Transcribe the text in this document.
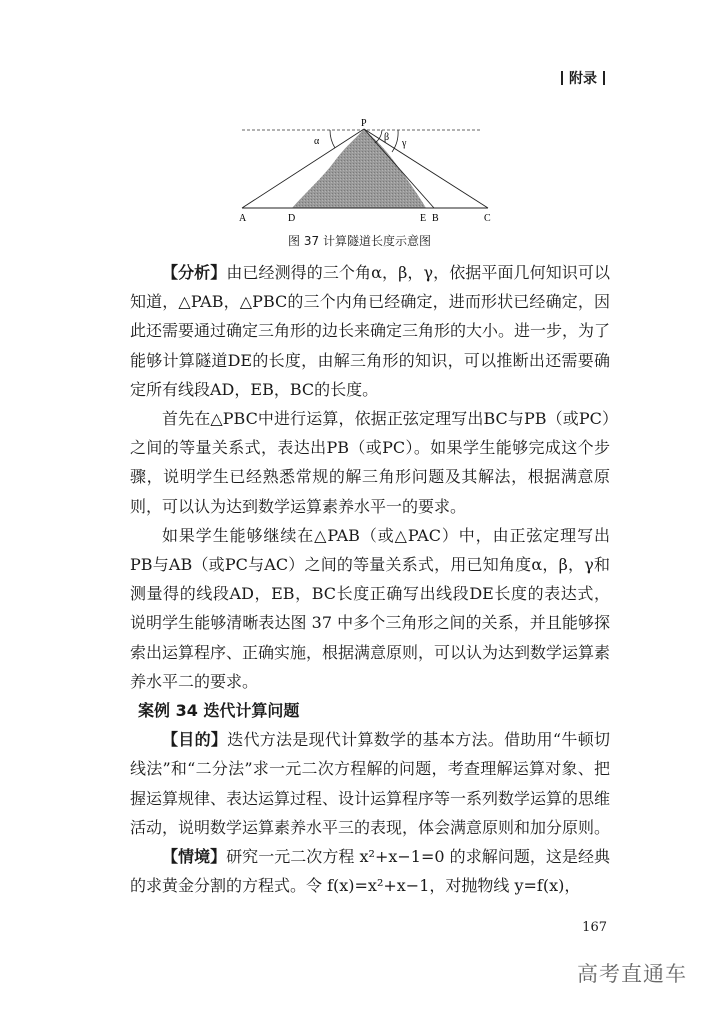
附录
P
α	β
γ
A	D	E B	C
图 37 计算隧道长度示意图

【分析】由已经测得的三个角α，β，γ，依据平面几何知识可以知道，△PAB，△PBC的三个内角已经确定，进而形状已经确定，因此还需要通过确定三角形的边长来确定三角形的大小。进一步，为了能够计算隧道DE的长度，由解三角形的知识，可以推断出还需要确定所有线段AD，EB，BC的长度。

首先在△PBC中进行运算，依据正弦定理写出BC与PB（或PC）之间的等量关系式，表达出PB（或PC）。如果学生能够完成这个步骤，说明学生已经熟悉常规的解三角形问题及其解法，根据满意原则，可以认为达到数学运算素养水平一的要求。

如果学生能够继续在△PAB（或△PAC）中，由正弦定理写出PB与AB（或PC与AC）之间的等量关系式，用已知角度α，β，γ和测量得的线段AD，EB，BC长度正确写出线段DE长度的表达式，说明学生能够清晰表达图 37 中多个三角形之间的关系，并且能够探索出运算程序、正确实施，根据满意原则，可以认为达到数学运算素养水平二的要求。

案例 34 迭代计算问题

【目的】迭代方法是现代计算数学的基本方法。借助用“牛顿切线法”和“二分法”求一元二次方程解的问题，考查理解运算对象、把握运算规律、表达运算过程、设计运算程序等一系列数学运算的思维活动，说明数学运算素养水平三的表现，体会满意原则和加分原则。

【情境】研究一元二次方程 x²+x−1=0 的求解问题，这是经典的求黄金分割的方程式。令 f(x)=x²+x−1，对抛物线 y=f(x)，

167
高考直通车
